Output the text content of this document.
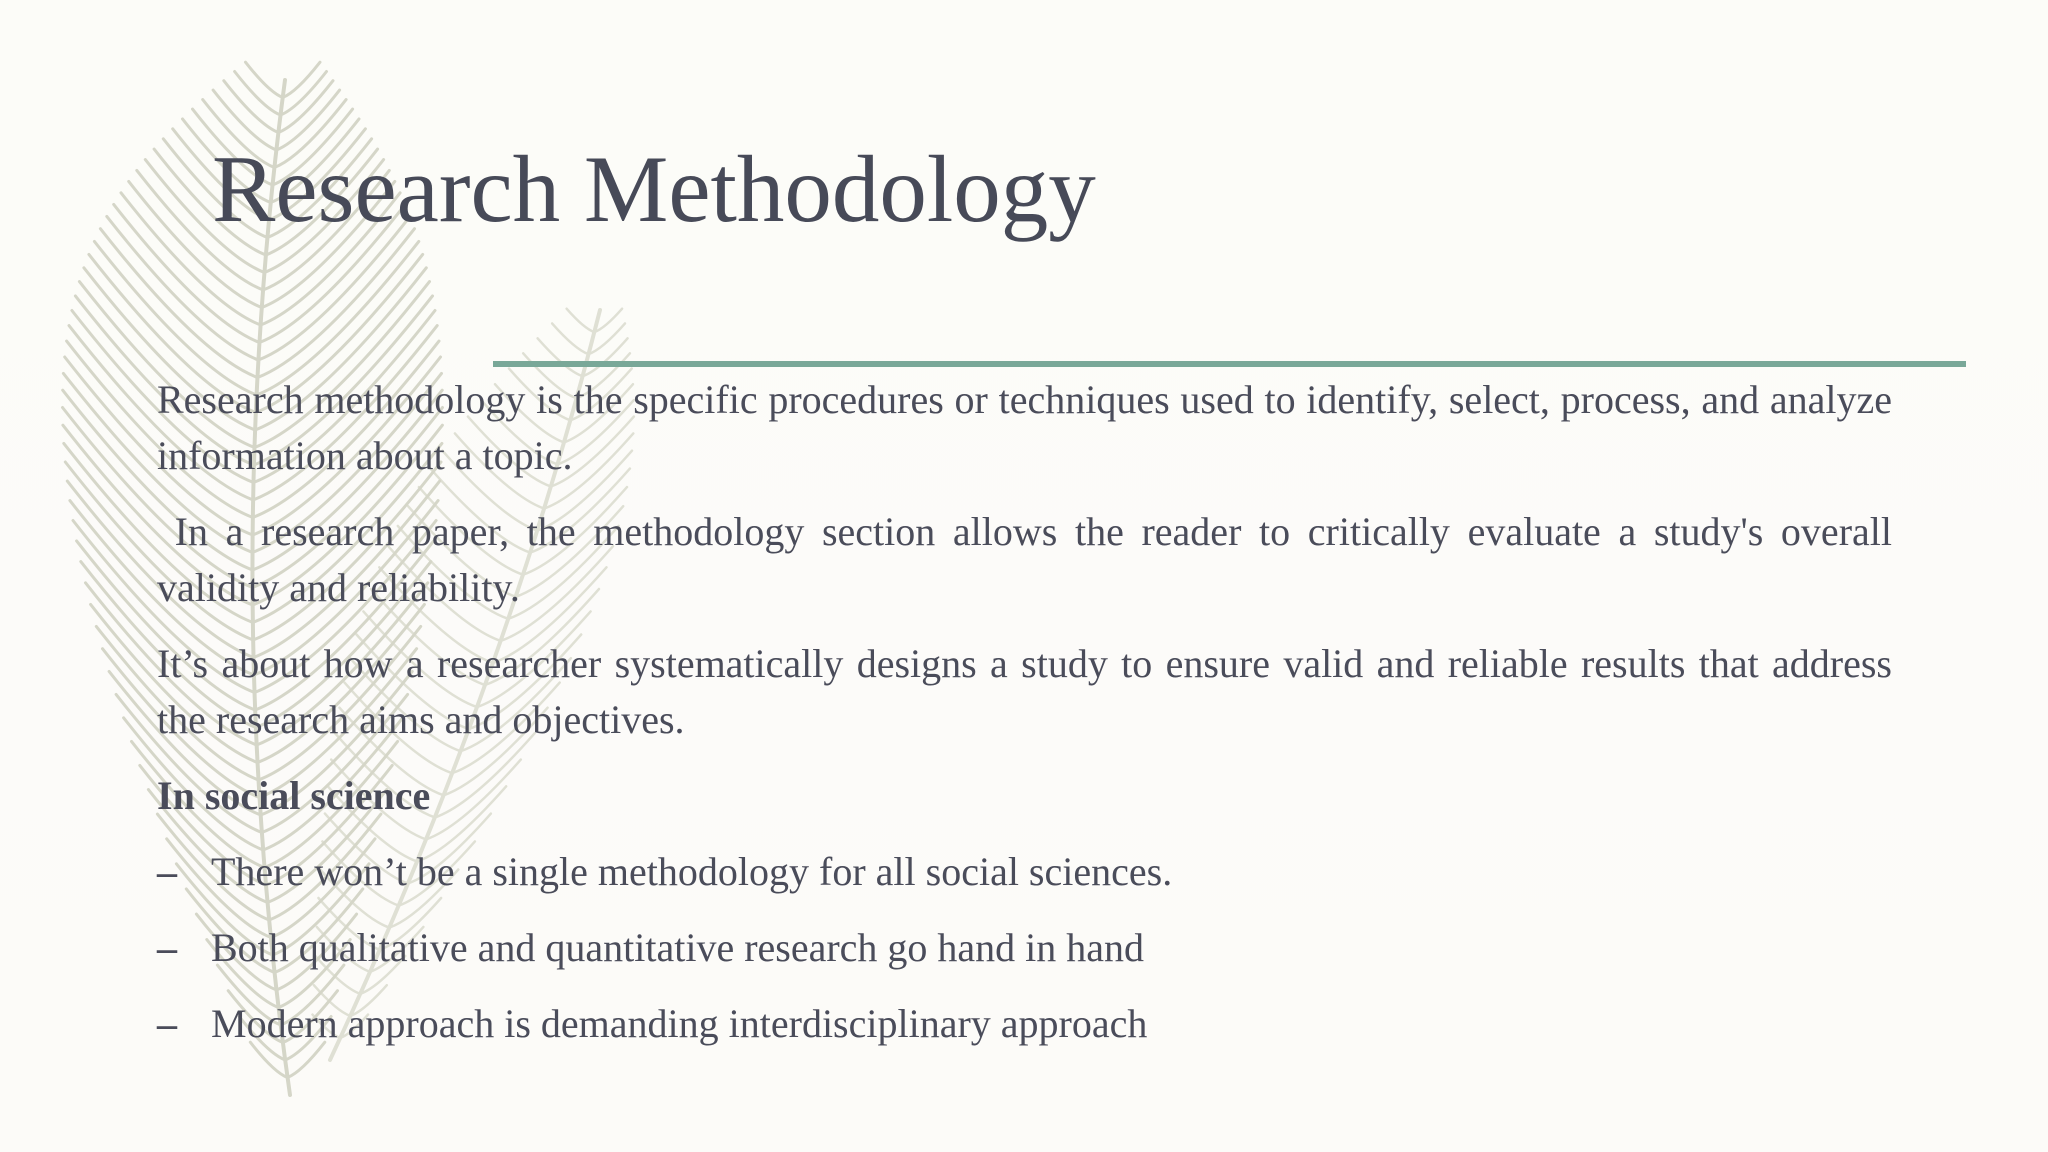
Research Methodology

Research methodology is the specific procedures or techniques used to identify, select, process, and analyze information about a topic.

In a research paper, the methodology section allows the reader to critically evaluate a study's overall validity and reliability.

It’s about how a researcher systematically designs a study to ensure valid and reliable results that address the research aims and objectives.

In social science

– There won’t be a single methodology for all social sciences.
– Both qualitative and quantitative research go hand in hand
– Modern approach is demanding interdisciplinary approach
